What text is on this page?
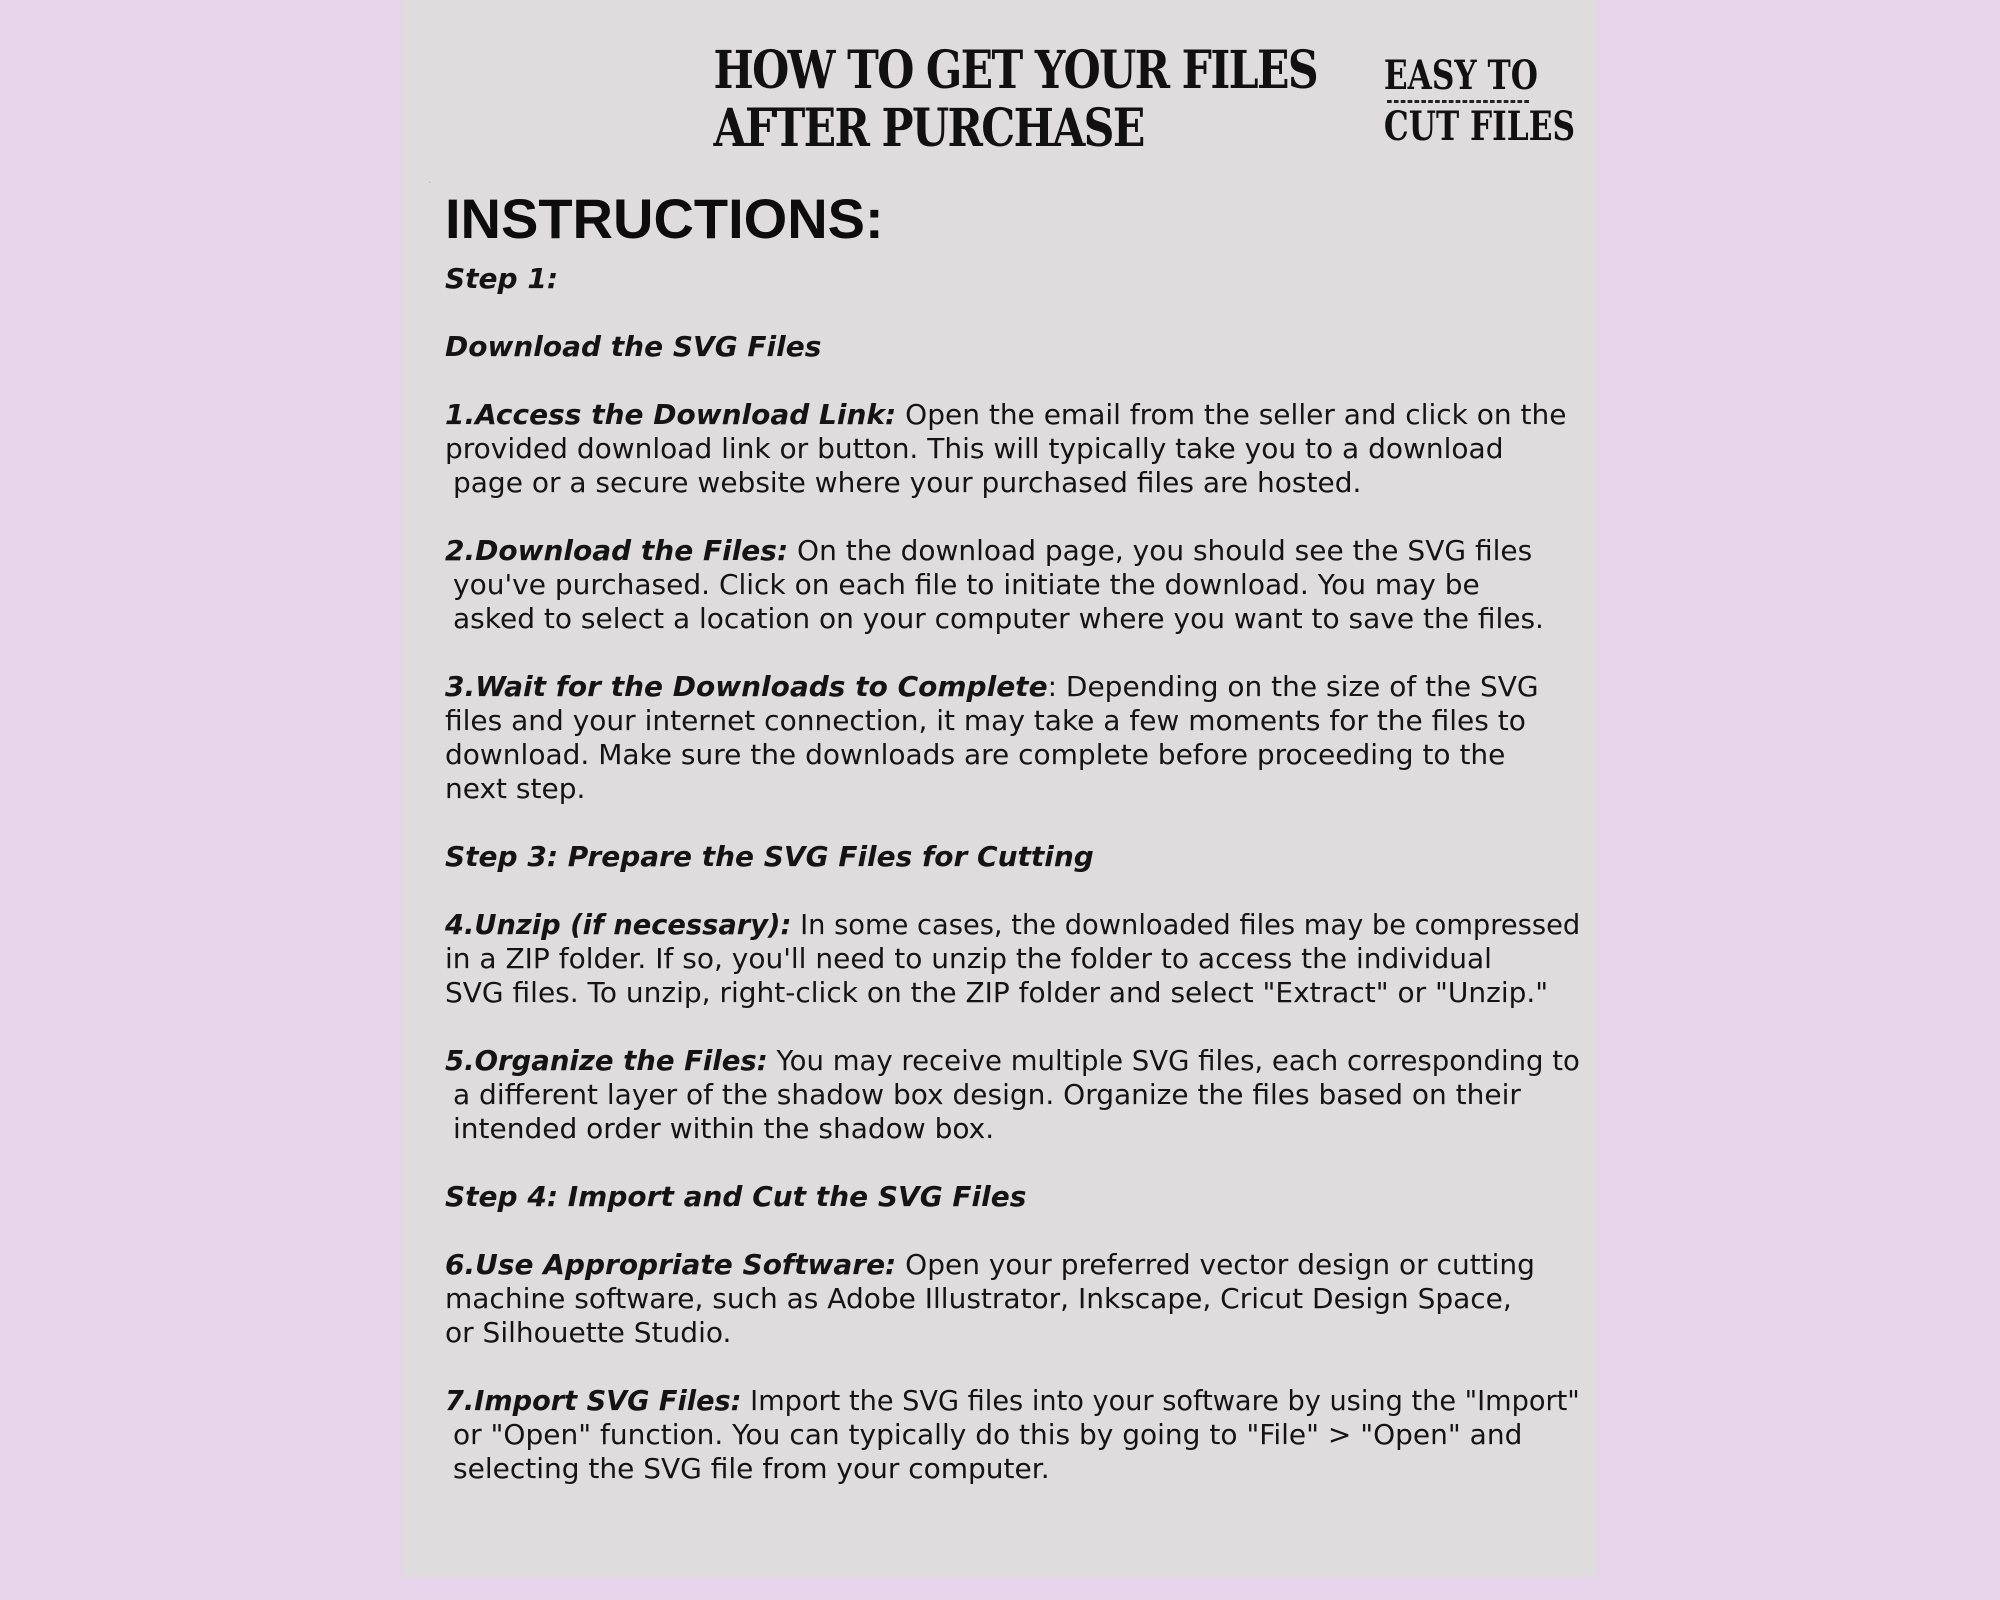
HOW TO GET YOUR FILES
AFTER PURCHASE
EASY TO
CUT FILES
‧
INSTRUCTIONS:
Step 1:
Download the SVG Files
1.Access the Download Link: Open the email from the seller and click on the
provided download link or button. This will typically take you to a download
page or a secure website where your purchased files are hosted.
2.Download the Files: On the download page, you should see the SVG files
you've purchased. Click on each file to initiate the download. You may be
asked to select a location on your computer where you want to save the files.
3.Wait for the Downloads to Complete: Depending on the size of the SVG
files and your internet connection, it may take a few moments for the files to
download. Make sure the downloads are complete before proceeding to the
next step.
Step 3: Prepare the SVG Files for Cutting
4.Unzip (if necessary): In some cases, the downloaded files may be compressed
in a ZIP folder. If so, you'll need to unzip the folder to access the individual
SVG files. To unzip, right-click on the ZIP folder and select "Extract" or "Unzip."
5.Organize the Files: You may receive multiple SVG files, each corresponding to
a different layer of the shadow box design. Organize the files based on their
intended order within the shadow box.
Step 4: Import and Cut the SVG Files
6.Use Appropriate Software: Open your preferred vector design or cutting
machine software, such as Adobe Illustrator, Inkscape, Cricut Design Space,
or Silhouette Studio.
7.Import SVG Files: Import the SVG files into your software by using the "Import"
or "Open" function. You can typically do this by going to "File" > "Open" and
selecting the SVG file from your computer.
